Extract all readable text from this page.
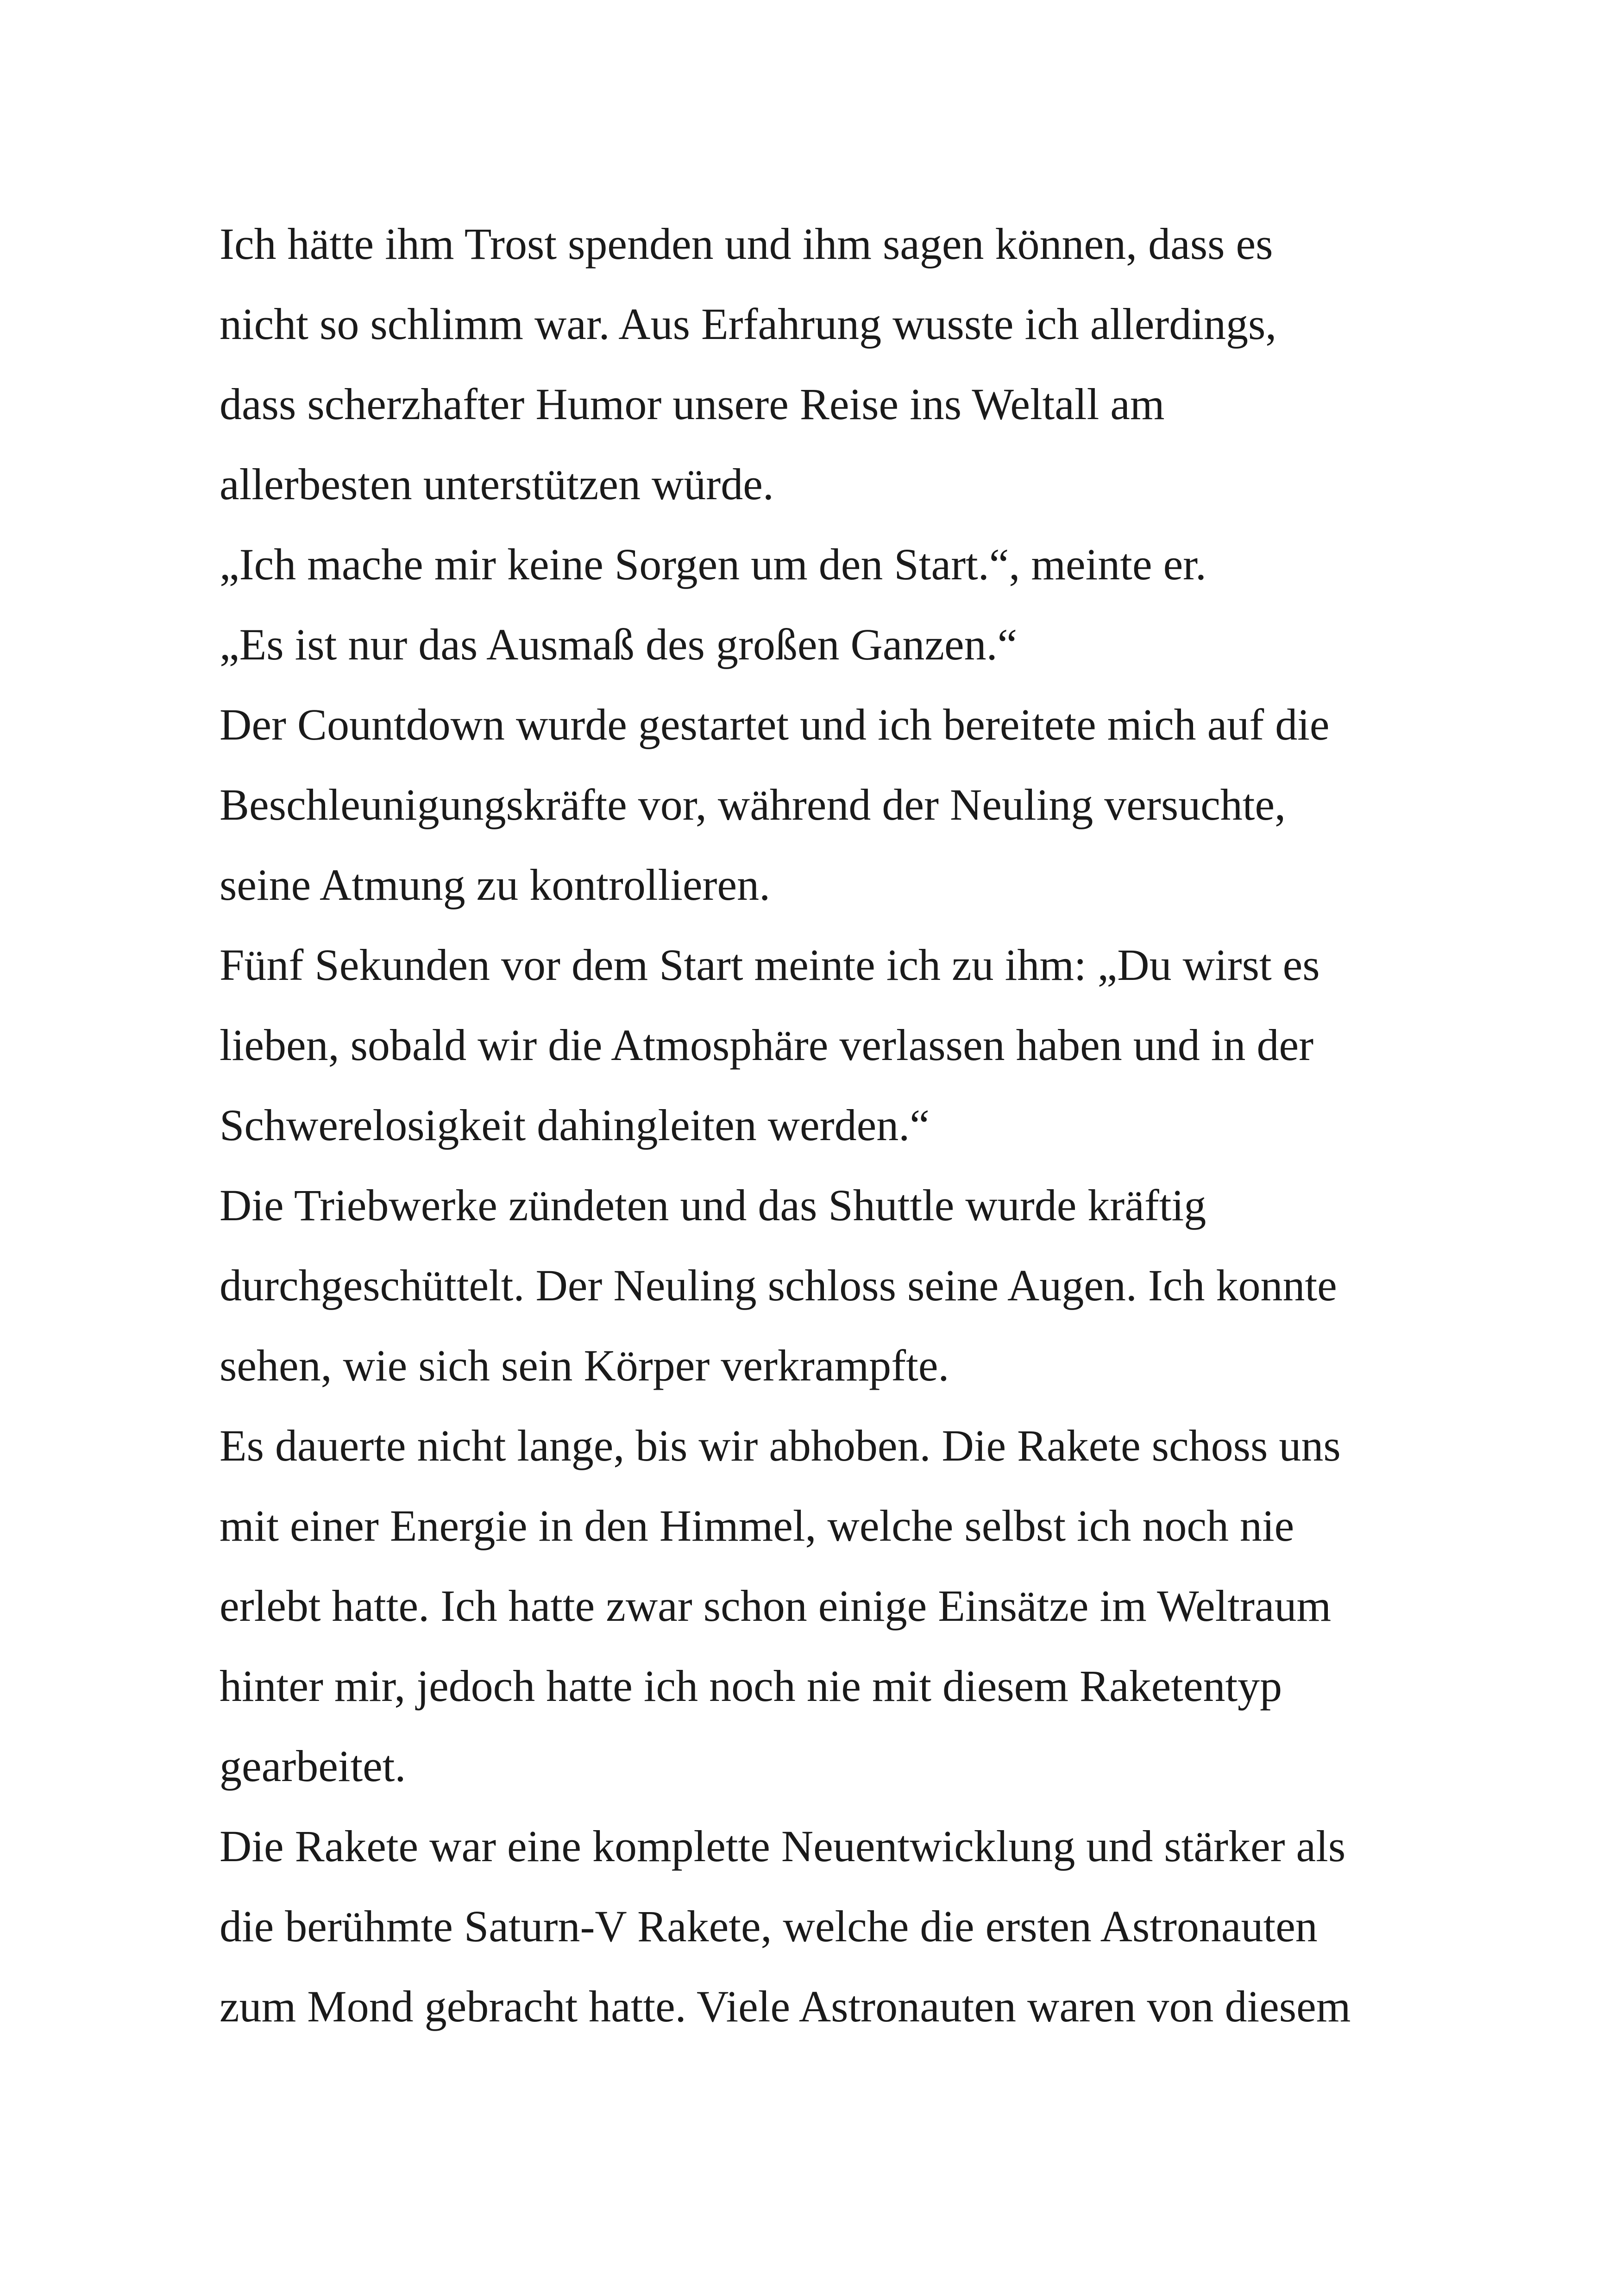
Ich hätte ihm Trost spenden und ihm sagen können, dass es
nicht so schlimm war. Aus Erfahrung wusste ich allerdings,
dass scherzhafter Humor unsere Reise ins Weltall am
allerbesten unterstützen würde.
„Ich mache mir keine Sorgen um den Start.“, meinte er.
„Es ist nur das Ausmaß des großen Ganzen.“
Der Countdown wurde gestartet und ich bereitete mich auf die
Beschleunigungskräfte vor, während der Neuling versuchte,
seine Atmung zu kontrollieren.
Fünf Sekunden vor dem Start meinte ich zu ihm: „Du wirst es
lieben, sobald wir die Atmosphäre verlassen haben und in der
Schwerelosigkeit dahingleiten werden.“
Die Triebwerke zündeten und das Shuttle wurde kräftig
durchgeschüttelt. Der Neuling schloss seine Augen. Ich konnte
sehen, wie sich sein Körper verkrampfte.
Es dauerte nicht lange, bis wir abhoben. Die Rakete schoss uns
mit einer Energie in den Himmel, welche selbst ich noch nie
erlebt hatte. Ich hatte zwar schon einige Einsätze im Weltraum
hinter mir, jedoch hatte ich noch nie mit diesem Raketentyp
gearbeitet.
Die Rakete war eine komplette Neuentwicklung und stärker als
die berühmte Saturn-V Rakete, welche die ersten Astronauten
zum Mond gebracht hatte. Viele Astronauten waren von diesem
